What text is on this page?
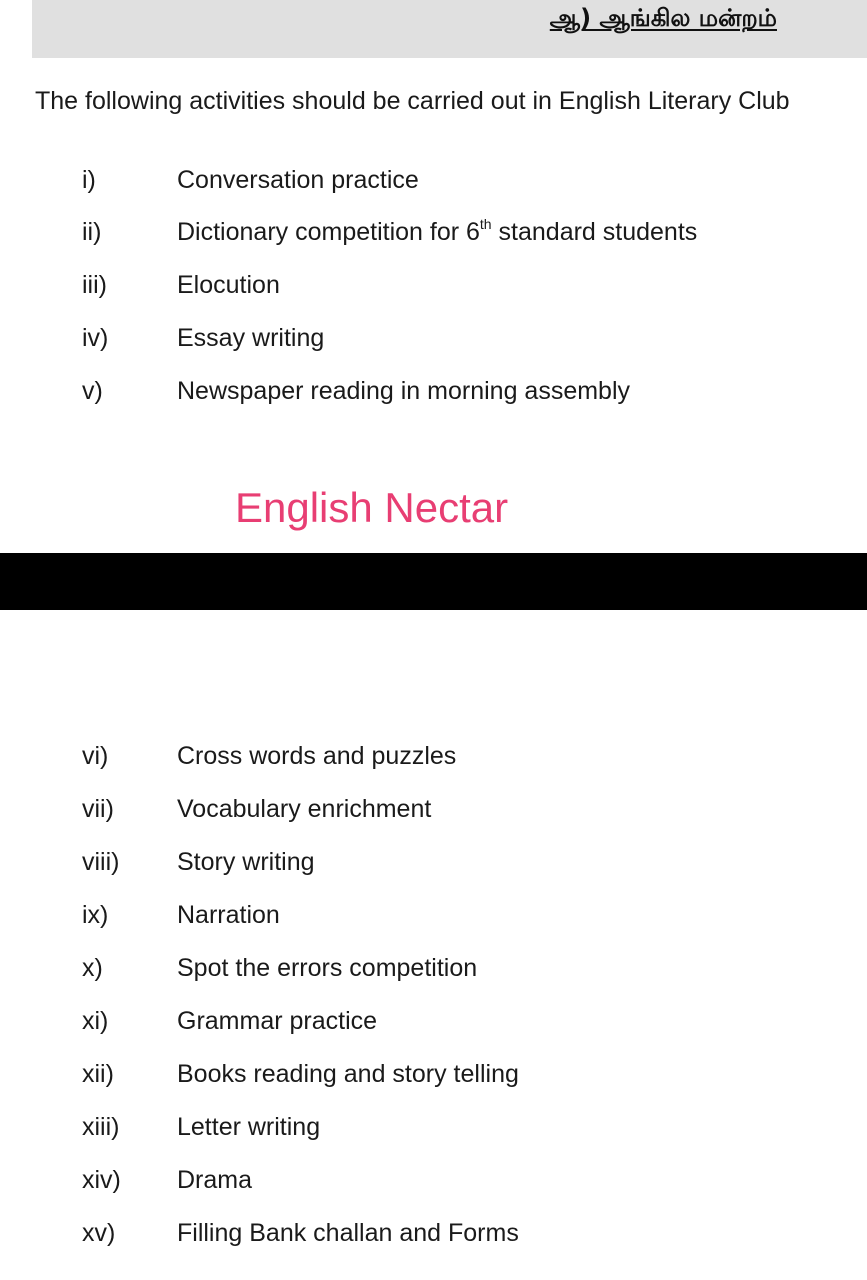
ஆ) ஆங்கில மன்றம்
The following activities should be carried out in English Literary Club
i)	Conversation practice
ii)	Dictionary competition for 6th standard students
iii)	Elocution
iv)	Essay writing
v)	Newspaper reading in morning assembly
English Nectar
vi)	Cross words and puzzles
vii)	Vocabulary enrichment
viii) Story writing
ix)	Narration
x)	Spot the errors competition
xi)	Grammar practice
xii)	Books reading and story telling
xiii) Letter writing
xiv) Drama
xv) Filling Bank challan and Forms
